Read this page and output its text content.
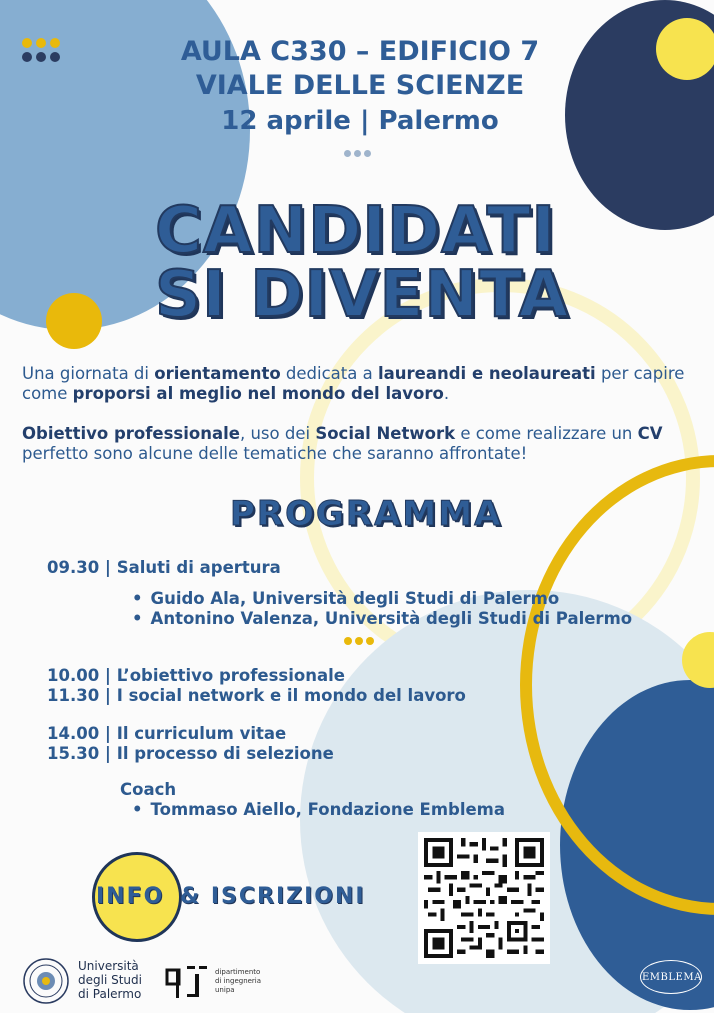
AULA C330 – EDIFICIO 7
VIALE DELLE SCIENZE
12 aprile | Palermo
CANDIDATI
SI DIVENTA
Una giornata di orientamento dedicata a laureandi e neolaureati per capire come proporsi al meglio nel mondo del lavoro.
Obiettivo professionale, uso dei Social Network e come realizzare un CV perfetto sono alcune delle tematiche che saranno affrontate!
PROGRAMMA
09.30 | Saluti di apertura
• Guido Ala, Università degli Studi di Palermo
• Antonino Valenza, Università degli Studi di Palermo
10.00 | L’obiettivo professionale
11.30 | I social network e il mondo del lavoro
14.00 | Il curriculum vitae
15.30 | Il processo di selezione
Coach
• Tommaso Aiello, Fondazione Emblema
INFO & ISCRIZIONI
Università
degli Studi
di Palermo
dipartimento
di ingegneria
unipa
EMBLEMA
